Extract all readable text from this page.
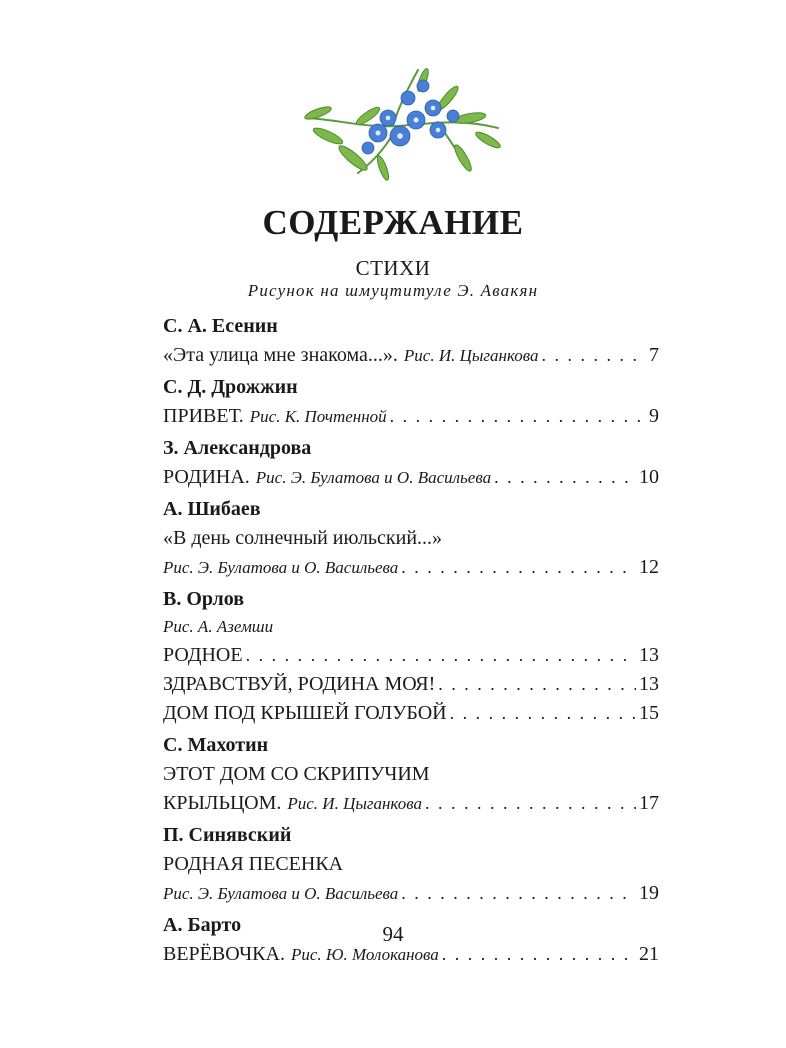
СОДЕРЖАНИЕ
СТИХИ
Рисунок на шмуцтитуле Э. Авакян
С. А. Есенин
«Эта улица мне знакома...». Рис. И. Цыганкова . . .	7
С. Д. Дрожжин
ПРИВЕТ. Рис. К. Почтенной . . .	9
З. Александрова
РОДИНА. Рис. Э. Булатова и О. Васильева . . .	10
А. Шибаев
«В день солнечный июльский...»
Рис. Э. Булатова и О. Васильева . . .	12
В. Орлов
Рис. А. Аземши
РОДНОЕ . . .	13
ЗДРАВСТВУЙ, РОДИНА МОЯ! . . .	13
ДОМ ПОД КРЫШЕЙ ГОЛУБОЙ . . .	15
С. Махотин
ЭТОТ ДОМ СО СКРИПУЧИМ
КРЫЛЬЦОМ. Рис. И. Цыганкова . . .	17
П. Синявский
РОДНАЯ ПЕСЕНКА
Рис. Э. Булатова и О. Васильева . . .	19
А. Барто
ВЕРЁВОЧКА. Рис. Ю. Молоканова . . .	21
94
